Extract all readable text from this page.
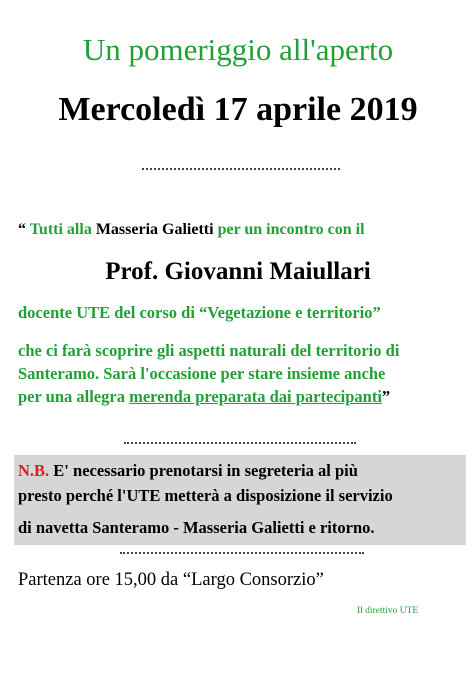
Un pomeriggio all'aperto
Mercoledì 17 aprile 2019
“ Tutti alla Masseria Galietti per un incontro con il
Prof. Giovanni Maiullari
docente UTE del corso di “Vegetazione e territorio”
che ci farà scoprire gli aspetti naturali del territorio di
Santeramo. Sarà l'occasione per stare insieme anche
per una allegra merenda preparata dai partecipanti”
N.B. E' necessario prenotarsi in segreteria al più
presto perché l'UTE metterà a disposizione il servizio
di navetta Santeramo - Masseria Galietti e ritorno.
Partenza ore 15,00 da “Largo Consorzio”
Il direttivo UTE
